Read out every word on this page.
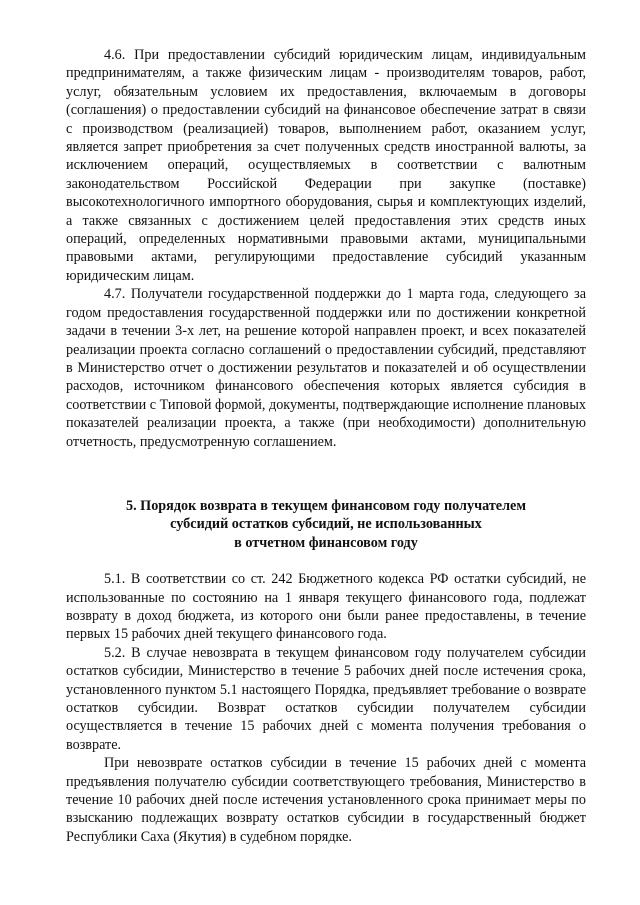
4.6. При предоставлении субсидий юридическим лицам, индивидуальным предпринимателям, а также физическим лицам - производителям товаров, работ, услуг, обязательным условием их предоставления, включаемым в договоры (соглашения) о предоставлении субсидий на финансовое обеспечение затрат в связи с производством (реализацией) товаров, выполнением работ, оказанием услуг, является запрет приобретения за счет полученных средств иностранной валюты, за исключением операций, осуществляемых в соответствии с валютным законодательством Российской Федерации при закупке (поставке) высокотехнологичного импортного оборудования, сырья и комплектующих изделий, а также связанных с достижением целей предоставления этих средств иных операций, определенных нормативными правовыми актами, муниципальными правовыми актами, регулирующими предоставление субсидий указанным юридическим лицам.

4.7. Получатели государственной поддержки до 1 марта года, следующего за годом предоставления государственной поддержки или по достижении конкретной задачи в течении 3-х лет, на решение которой направлен проект, и всех показателей реализации проекта согласно соглашений о предоставлении субсидий, представляют в Министерство отчет о достижении результатов и показателей и об осуществлении расходов, источником финансового обеспечения которых является субсидия в соответствии с Типовой формой, документы, подтверждающие исполнение плановых показателей реализации проекта, а также (при необходимости) дополнительную отчетность, предусмотренную соглашением.

5. Порядок возврата в текущем финансовом году получателем
субсидий остатков субсидий, не использованных
в отчетном финансовом году

5.1. В соответствии со ст. 242 Бюджетного кодекса РФ остатки субсидий, не использованные по состоянию на 1 января текущего финансового года, подлежат возврату в доход бюджета, из которого они были ранее предоставлены, в течение первых 15 рабочих дней текущего финансового года.

5.2. В случае невозврата в текущем финансовом году получателем субсидии остатков субсидии, Министерство в течение 5 рабочих дней после истечения срока, установленного пунктом 5.1 настоящего Порядка, предъявляет требование о возврате остатков субсидии. Возврат остатков субсидии получателем субсидии осуществляется в течение 15 рабочих дней с момента получения требования о возврате.

При невозврате остатков субсидии в течение 15 рабочих дней с момента предъявления получателю субсидии соответствующего требования, Министерство в течение 10 рабочих дней после истечения установленного срока принимает меры по взысканию подлежащих возврату остатков субсидии в государственный бюджет Республики Саха (Якутия) в судебном порядке.
